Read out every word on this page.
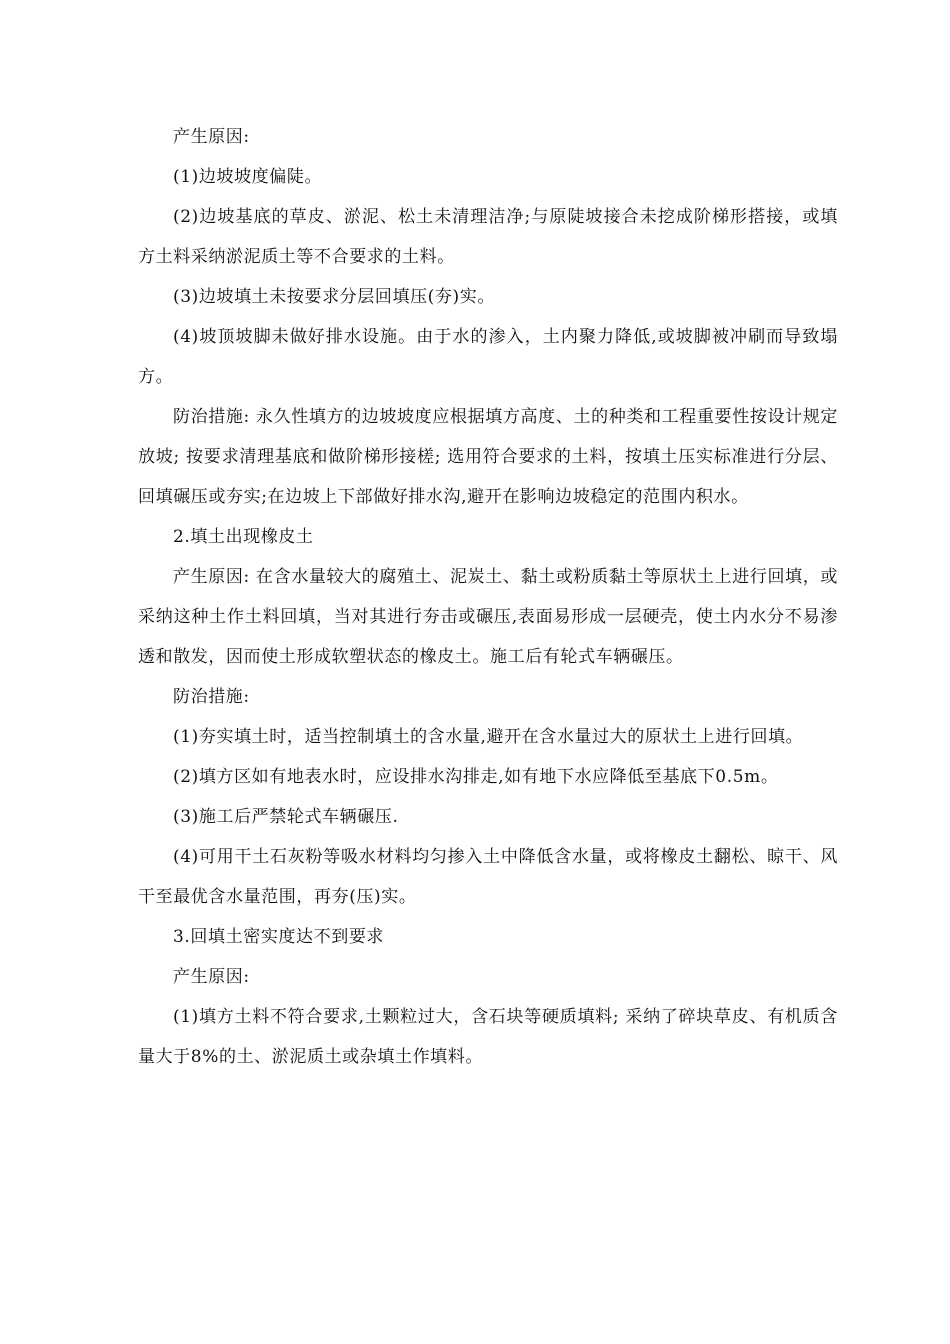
产生原因:

(1)边坡坡度偏陡。

(2)边坡基底的草皮、淤泥、松土未清理洁净;与原陡坡接合未挖成阶梯形搭接，或填方土料采纳淤泥质土等不合要求的土料。

(3)边坡填土未按要求分层回填压(夯)实。

(4)坡顶坡脚未做好排水设施。由于水的渗入，土内聚力降低,或坡脚被冲刷而导致塌方。

防治措施: 永久性填方的边坡坡度应根据填方高度、土的种类和工程重要性按设计规定放坡; 按要求清理基底和做阶梯形接槎; 选用符合要求的土料，按填土压实标准进行分层、回填碾压或夯实;在边坡上下部做好排水沟,避开在影响边坡稳定的范围内积水。

2.填土出现橡皮土

产生原因: 在含水量较大的腐殖土、泥炭土、黏土或粉质黏土等原状土上进行回填，或采纳这种土作土料回填，当对其进行夯击或碾压,表面易形成一层硬壳，使土内水分不易渗透和散发，因而使土形成软塑状态的橡皮土。施工后有轮式车辆碾压。

防治措施:

(1)夯实填土时，适当控制填土的含水量,避开在含水量过大的原状土上进行回填。

(2)填方区如有地表水时，应设排水沟排走,如有地下水应降低至基底下0.5m。

(3)施工后严禁轮式车辆碾压.

(4)可用干土石灰粉等吸水材料均匀掺入土中降低含水量，或将橡皮土翻松、晾干、风干至最优含水量范围，再夯(压)实。

3.回填土密实度达不到要求

产生原因:

(1)填方土料不符合要求,土颗粒过大，含石块等硬质填料; 采纳了碎块草皮、有机质含量大于8%的土、淤泥质土或杂填土作填料。
